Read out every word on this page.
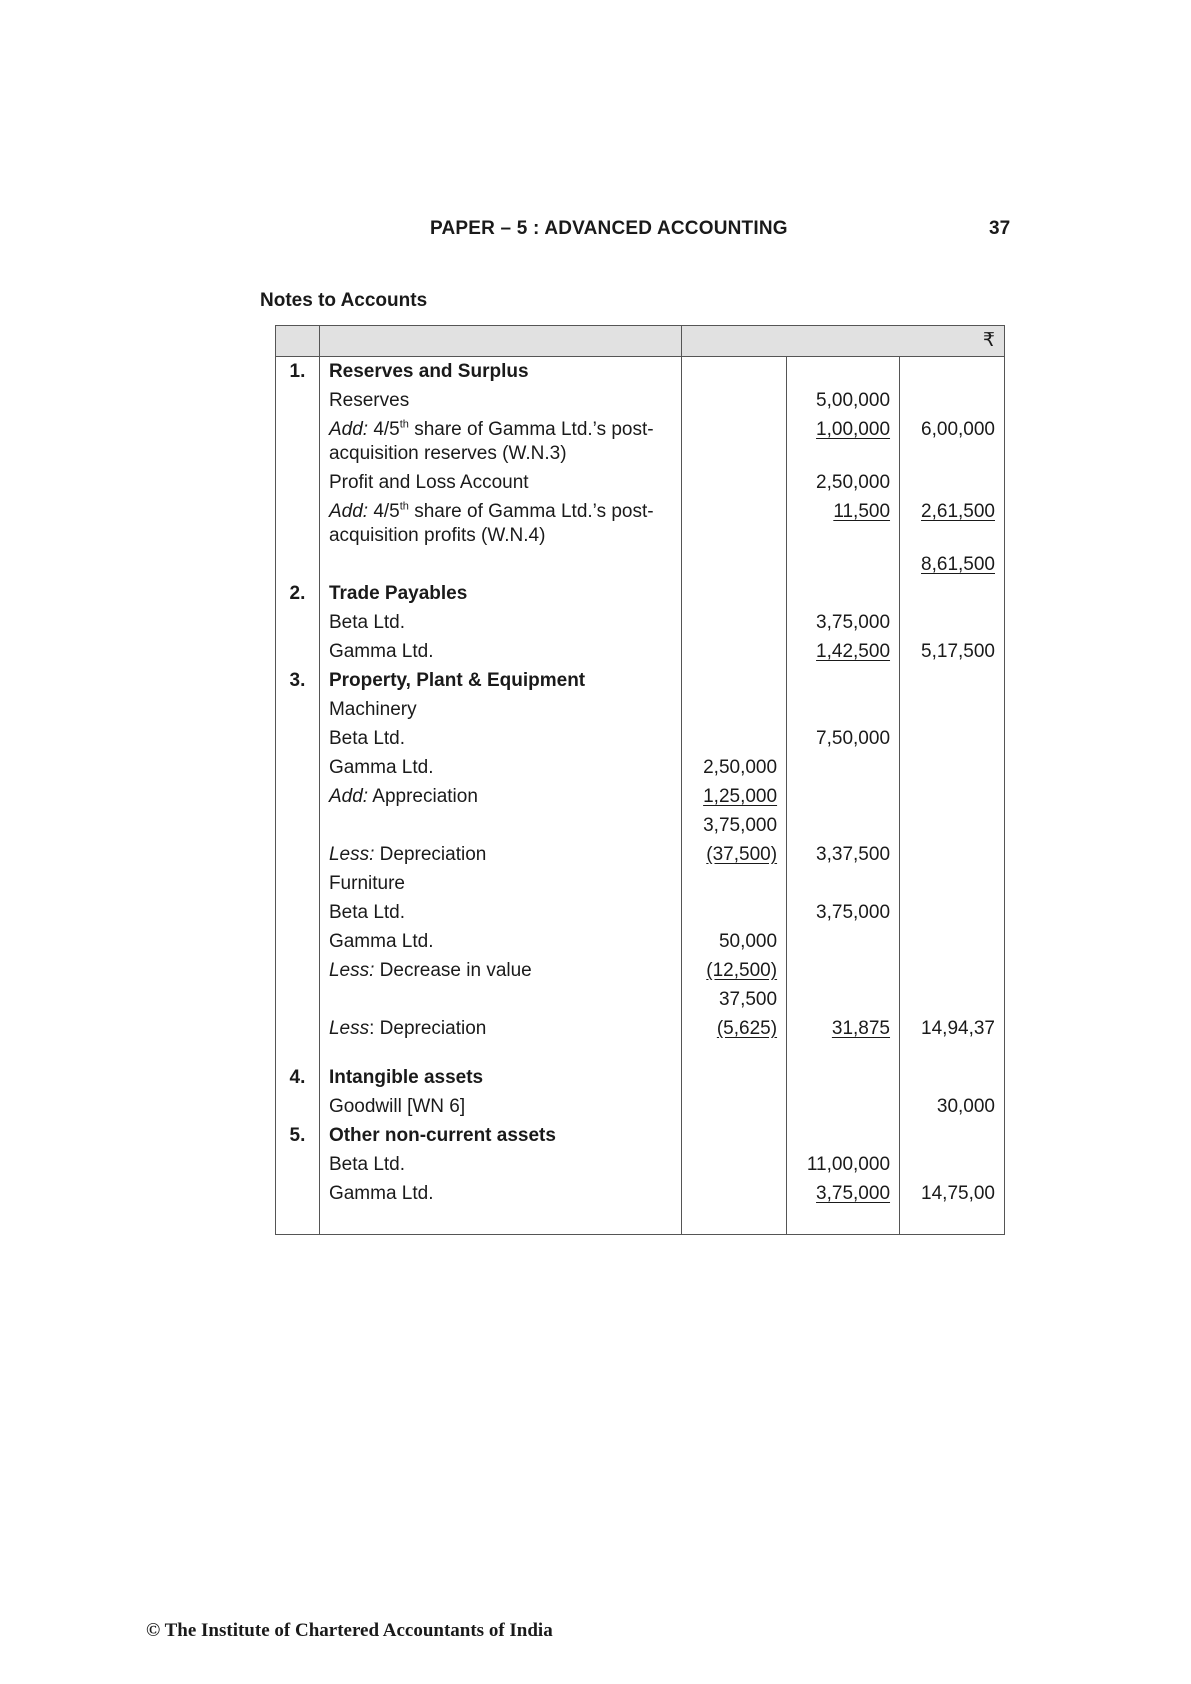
PAPER – 5 : ADVANCED ACCOUNTING	37
Notes to Accounts
		₹		
1.	Reserves and Surplus			
	Reserves		5,00,000	
	Add: 4/5th share of Gamma Ltd.’s post-acquisition reserves (W.N.3)		1,00,000	6,00,000
	Profit and Loss Account		2,50,000	
	Add: 4/5th share of Gamma Ltd.’s post-acquisition profits (W.N.4)		11,500	2,61,500
				8,61,500
2.	Trade Payables			
	Beta Ltd.		3,75,000	
	Gamma Ltd.		1,42,500	5,17,500
3.	Property, Plant & Equipment			
	Machinery			
	Beta Ltd.		7,50,000	
	Gamma Ltd.	2,50,000		
	Add: Appreciation	1,25,000		
		3,75,000		
	Less: Depreciation	(37,500)	3,37,500	
	Furniture			
	Beta Ltd.		3,75,000	
	Gamma Ltd.	50,000		
	Less: Decrease in value	(12,500)		
		37,500		
	Less: Depreciation	(5,625)	31,875	14,94,37

4.	Intangible assets			
	Goodwill [WN 6]			30,000
5.	Other non-current assets			
	Beta Ltd.		11,00,000	
	Gamma Ltd.		3,75,000	14,75,00

© The Institute of Chartered Accountants of India
